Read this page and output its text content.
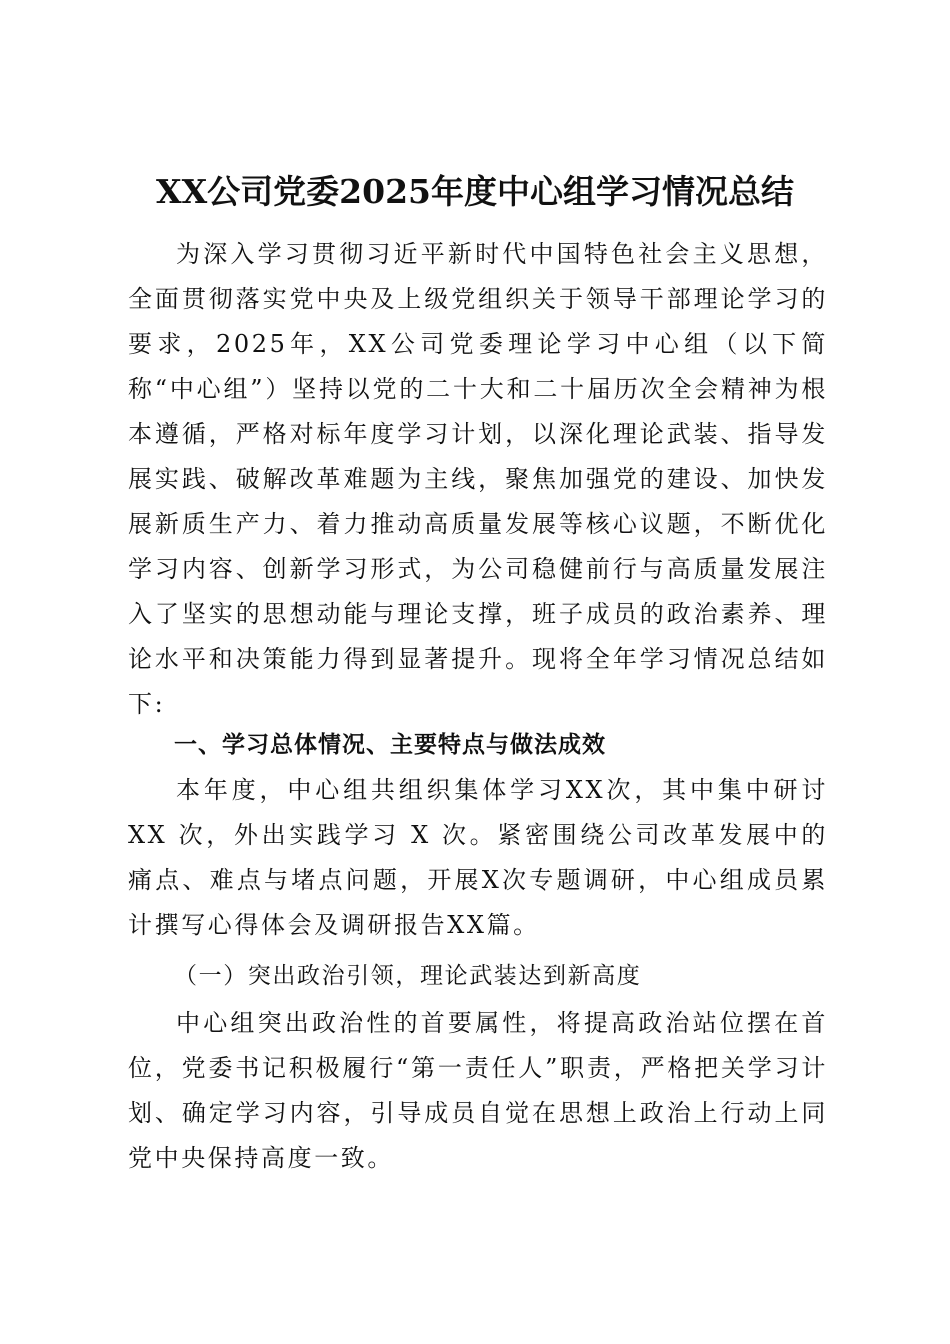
XX公司党委2025年度中心组学习情况总结

为深入学习贯彻习近平新时代中国特色社会主义思想，全面贯彻落实党中央及上级党组织关于领导干部理论学习的要求，2025年，XX公司党委理论学习中心组（以下简称“中心组”）坚持以党的二十大和二十届历次全会精神为根本遵循，严格对标年度学习计划，以深化理论武装、指导发展实践、破解改革难题为主线，聚焦加强党的建设、加快发展新质生产力、着力推动高质量发展等核心议题，不断优化学习内容、创新学习形式，为公司稳健前行与高质量发展注入了坚实的思想动能与理论支撑，班子成员的政治素养、理论水平和决策能力得到显著提升。现将全年学习情况总结如下:

一、学习总体情况、主要特点与做法成效

本年度，中心组共组织集体学习XX次，其中集中研讨XX 次，外出实践学习 X 次。紧密围绕公司改革发展中的痛点、难点与堵点问题，开展X次专题调研，中心组成员累计撰写心得体会及调研报告XX篇。

（一）突出政治引领，理论武装达到新高度

中心组突出政治性的首要属性，将提高政治站位摆在首位，党委书记积极履行“第一责任人”职责，严格把关学习计划、确定学习内容，引导成员自觉在思想上政治上行动上同党中央保持高度一致。
